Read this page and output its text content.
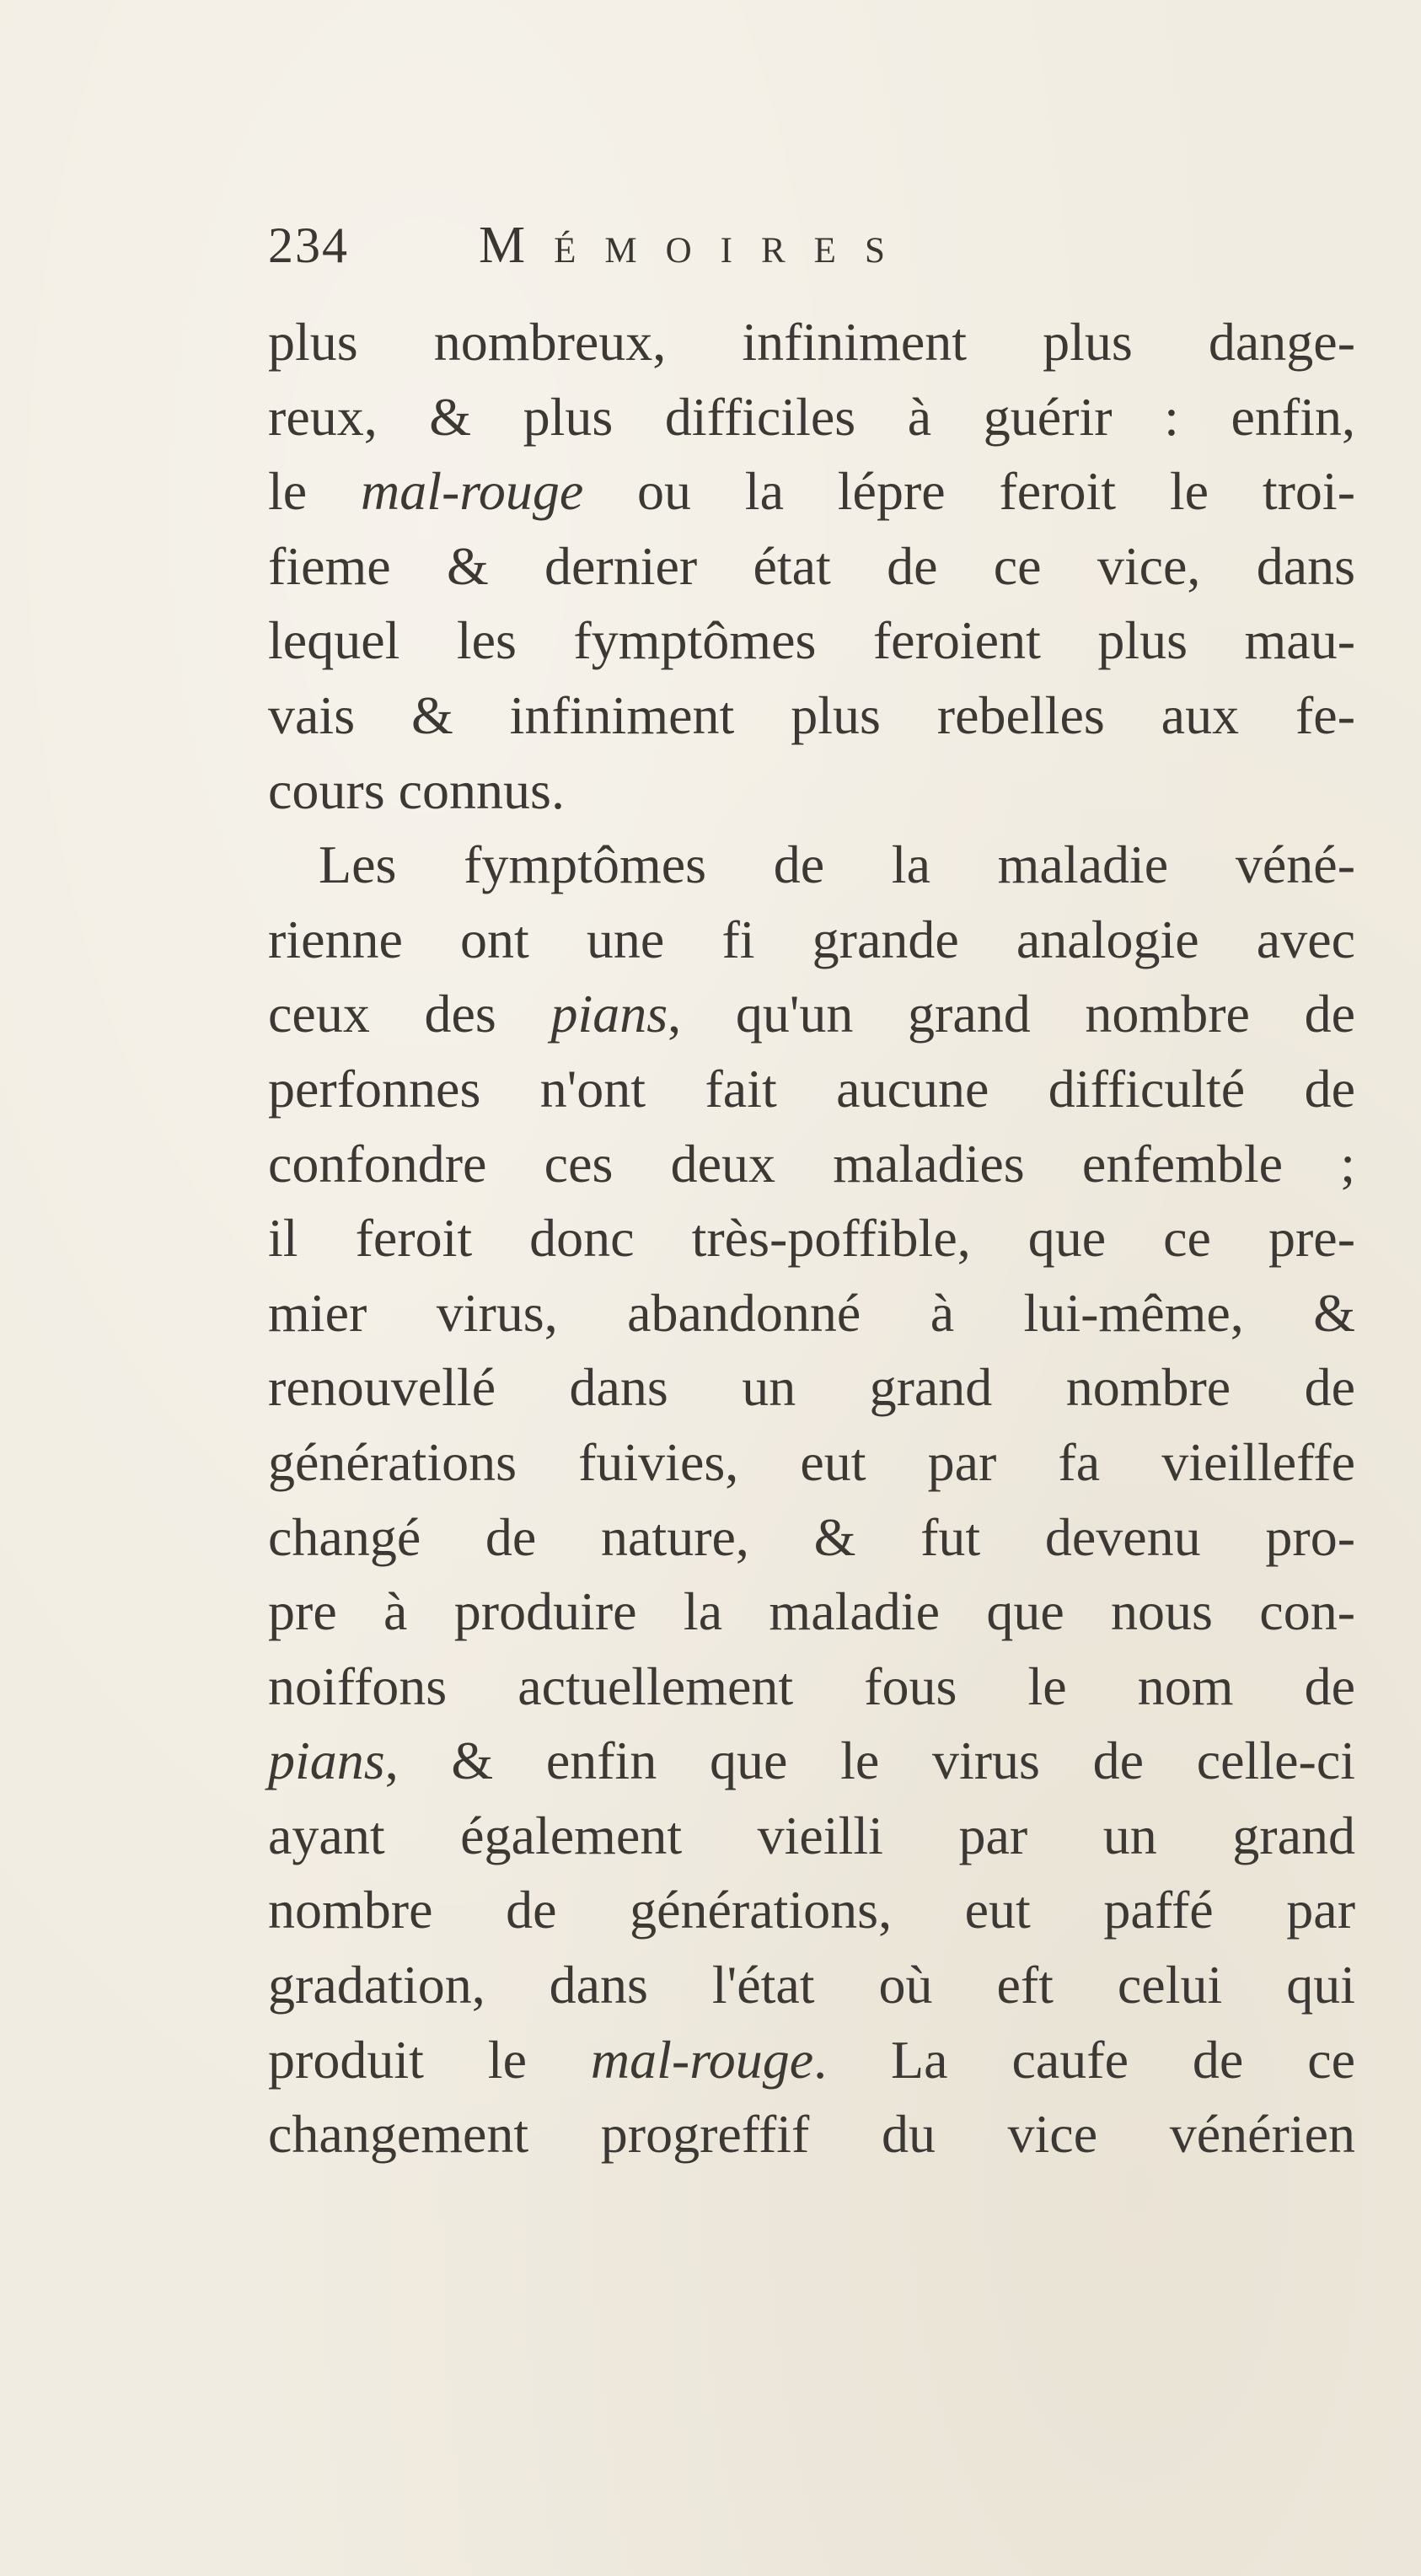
234 Mémoires
plus nombreux, infiniment plus dange-
reux, & plus difficiles à guérir : enfin,
le mal-rouge ou la lépre feroit le troi-
fieme & dernier état de ce vice, dans
lequel les fymptômes feroient plus mau-
vais & infiniment plus rebelles aux fe-
cours connus.
Les fymptômes de la maladie véné-
rienne ont une fi grande analogie avec
ceux des pians, qu'un grand nombre de
perfonnes n'ont fait aucune difficulté de
confondre ces deux maladies enfemble ;
il feroit donc très-poffible, que ce pre-
mier virus, abandonné à lui-même, &
renouvellé dans un grand nombre de
générations fuivies, eut par fa vieilleffe
changé de nature, & fut devenu pro-
pre à produire la maladie que nous con-
noiffons actuellement fous le nom de
pians, & enfin que le virus de celle-ci
ayant également vieilli par un grand
nombre de générations, eut paffé par
gradation, dans l'état où eft celui qui
produit le mal-rouge. La caufe de ce
changement progreffif du vice vénérien
